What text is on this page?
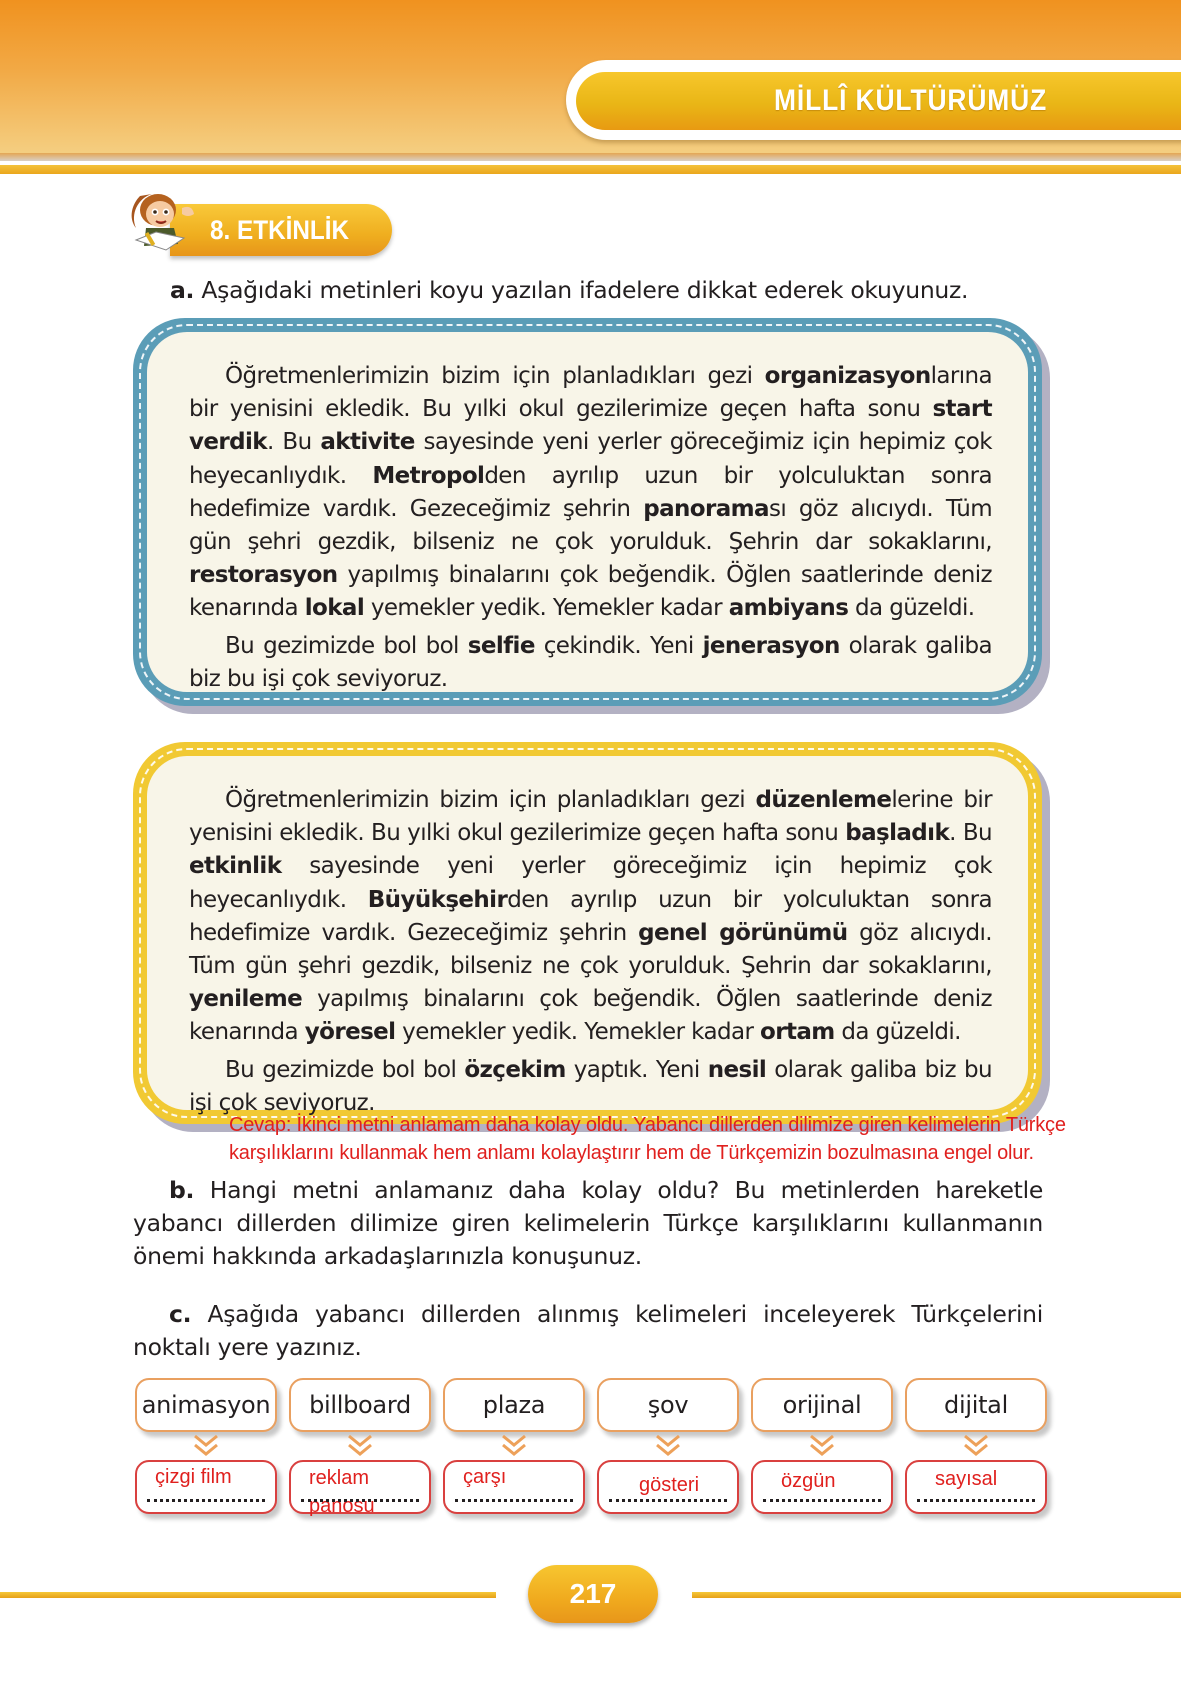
MİLLÎ KÜLTÜRÜMÜZ
8. ETKİNLİK
a. Aşağıdaki metinleri koyu yazılan ifadelere dikkat ederek okuyunuz.

Öğretmenlerimizin bizim için planladıkları gezi organizasyonlarına bir yenisini ekledik. Bu yılki okul gezilerimize geçen hafta sonu start verdik. Bu aktivite sayesinde yeni yerler göreceğimiz için hepimiz çok heyecanlıydık. Metropolden ayrılıp uzun bir yolculuktan sonra hedefimize vardık. Gezeceğimiz şehrin panoraması göz alıcıydı. Tüm gün şehri gezdik, bilseniz ne çok yorulduk. Şehrin dar sokaklarını, restorasyon yapılmış binalarını çok beğendik. Öğlen saatlerinde deniz kenarında lokal yemekler yedik. Yemekler kadar ambiyans da güzeldi.

Bu gezimizde bol bol selfie çekindik. Yeni jenerasyon olarak galiba biz bu işi çok seviyoruz.

Öğretmenlerimizin bizim için planladıkları gezi düzenlemelerine bir yenisini ekledik. Bu yılki okul gezilerimize geçen hafta sonu başladık. Bu etkinlik sayesinde yeni yerler göreceğimiz için hepimiz çok heyecanlıydık. Büyükşehirden ayrılıp uzun bir yolculuktan sonra hedefimize vardık. Gezeceğimiz şehrin genel görünümü göz alıcıydı. Tüm gün şehri gezdik, bilseniz ne çok yorulduk. Şehrin dar sokaklarını, yenileme yapılmış binalarını çok beğendik. Öğlen saatlerinde deniz kenarında yöresel yemekler yedik. Yemekler kadar ortam da güzeldi.

Bu gezimizde bol bol özçekim yaptık. Yeni nesil olarak galiba biz bu işi çok seviyoruz.

Cevap: İkinci metni anlamam daha kolay oldu. Yabancı dillerden dilimize giren kelimelerin Türkçe karşılıklarını kullanmak hem anlamı kolaylaştırır hem de Türkçemizin bozulmasına engel olur.

b. Hangi metni anlamanız daha kolay oldu? Bu metinlerden hareketle yabancı dillerden dilimize giren kelimelerin Türkçe karşılıklarını kullanmanın önemi hakkında arkadaşlarınızla konuşunuz.

c. Aşağıda yabancı dillerden alınmış kelimeleri inceleyerek Türkçelerini noktalı yere yazınız.

animasyon
çizgi film
billboard
reklam panosu
plaza
çarşı
şov
gösteri
orijinal
özgün
dijital
sayısal
217
